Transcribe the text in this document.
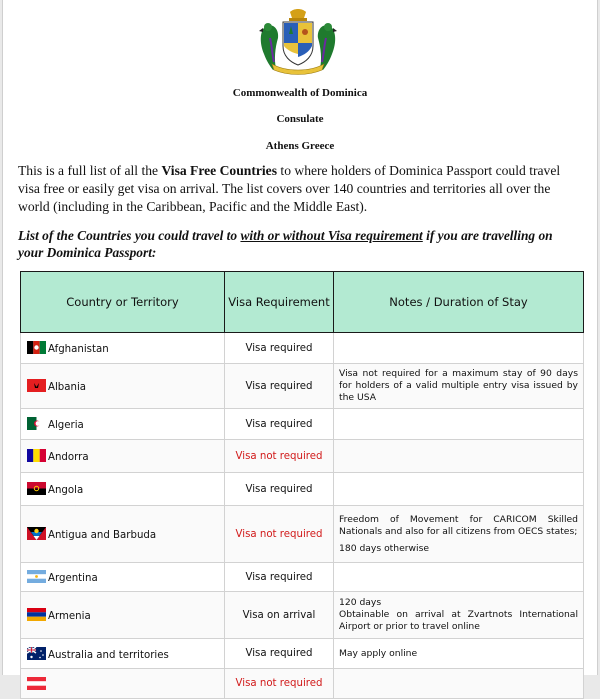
Commonwealth of Dominica
Consulate
Athens Greece
This is a full list of all the Visa Free Countries to where holders of Dominica Passport could travel visa free or easily get visa on arrival. The list covers over 140 countries and territories all over the world (including in the Caribbean, Pacific and the Middle East).
List of the Countries you could travel to with or without Visa requirement if you are travelling on your Dominica Passport:
Country or Territory	Visa Requirement	Notes / Duration of Stay
Afghanistan	Visa required	
Albania	Visa required	Visa not required for a maximum stay of 90 days for holders of a valid multiple entry visa issued by the USA

Algeria	Visa required	
Andorra	Visa not required	
Angola	Visa required	
Antigua and Barbuda	Visa not required	Freedom of Movement for CARICOM Skilled Nationals and also for all citizens from OECS states;

180 days otherwise

Argentina	Visa required	
Armenia	Visa on arrival	120 days
Obtainable on arrival at Zvartnots International Airport or prior to travel online

Australia and territories	Visa required	May apply online

	Visa not required	
